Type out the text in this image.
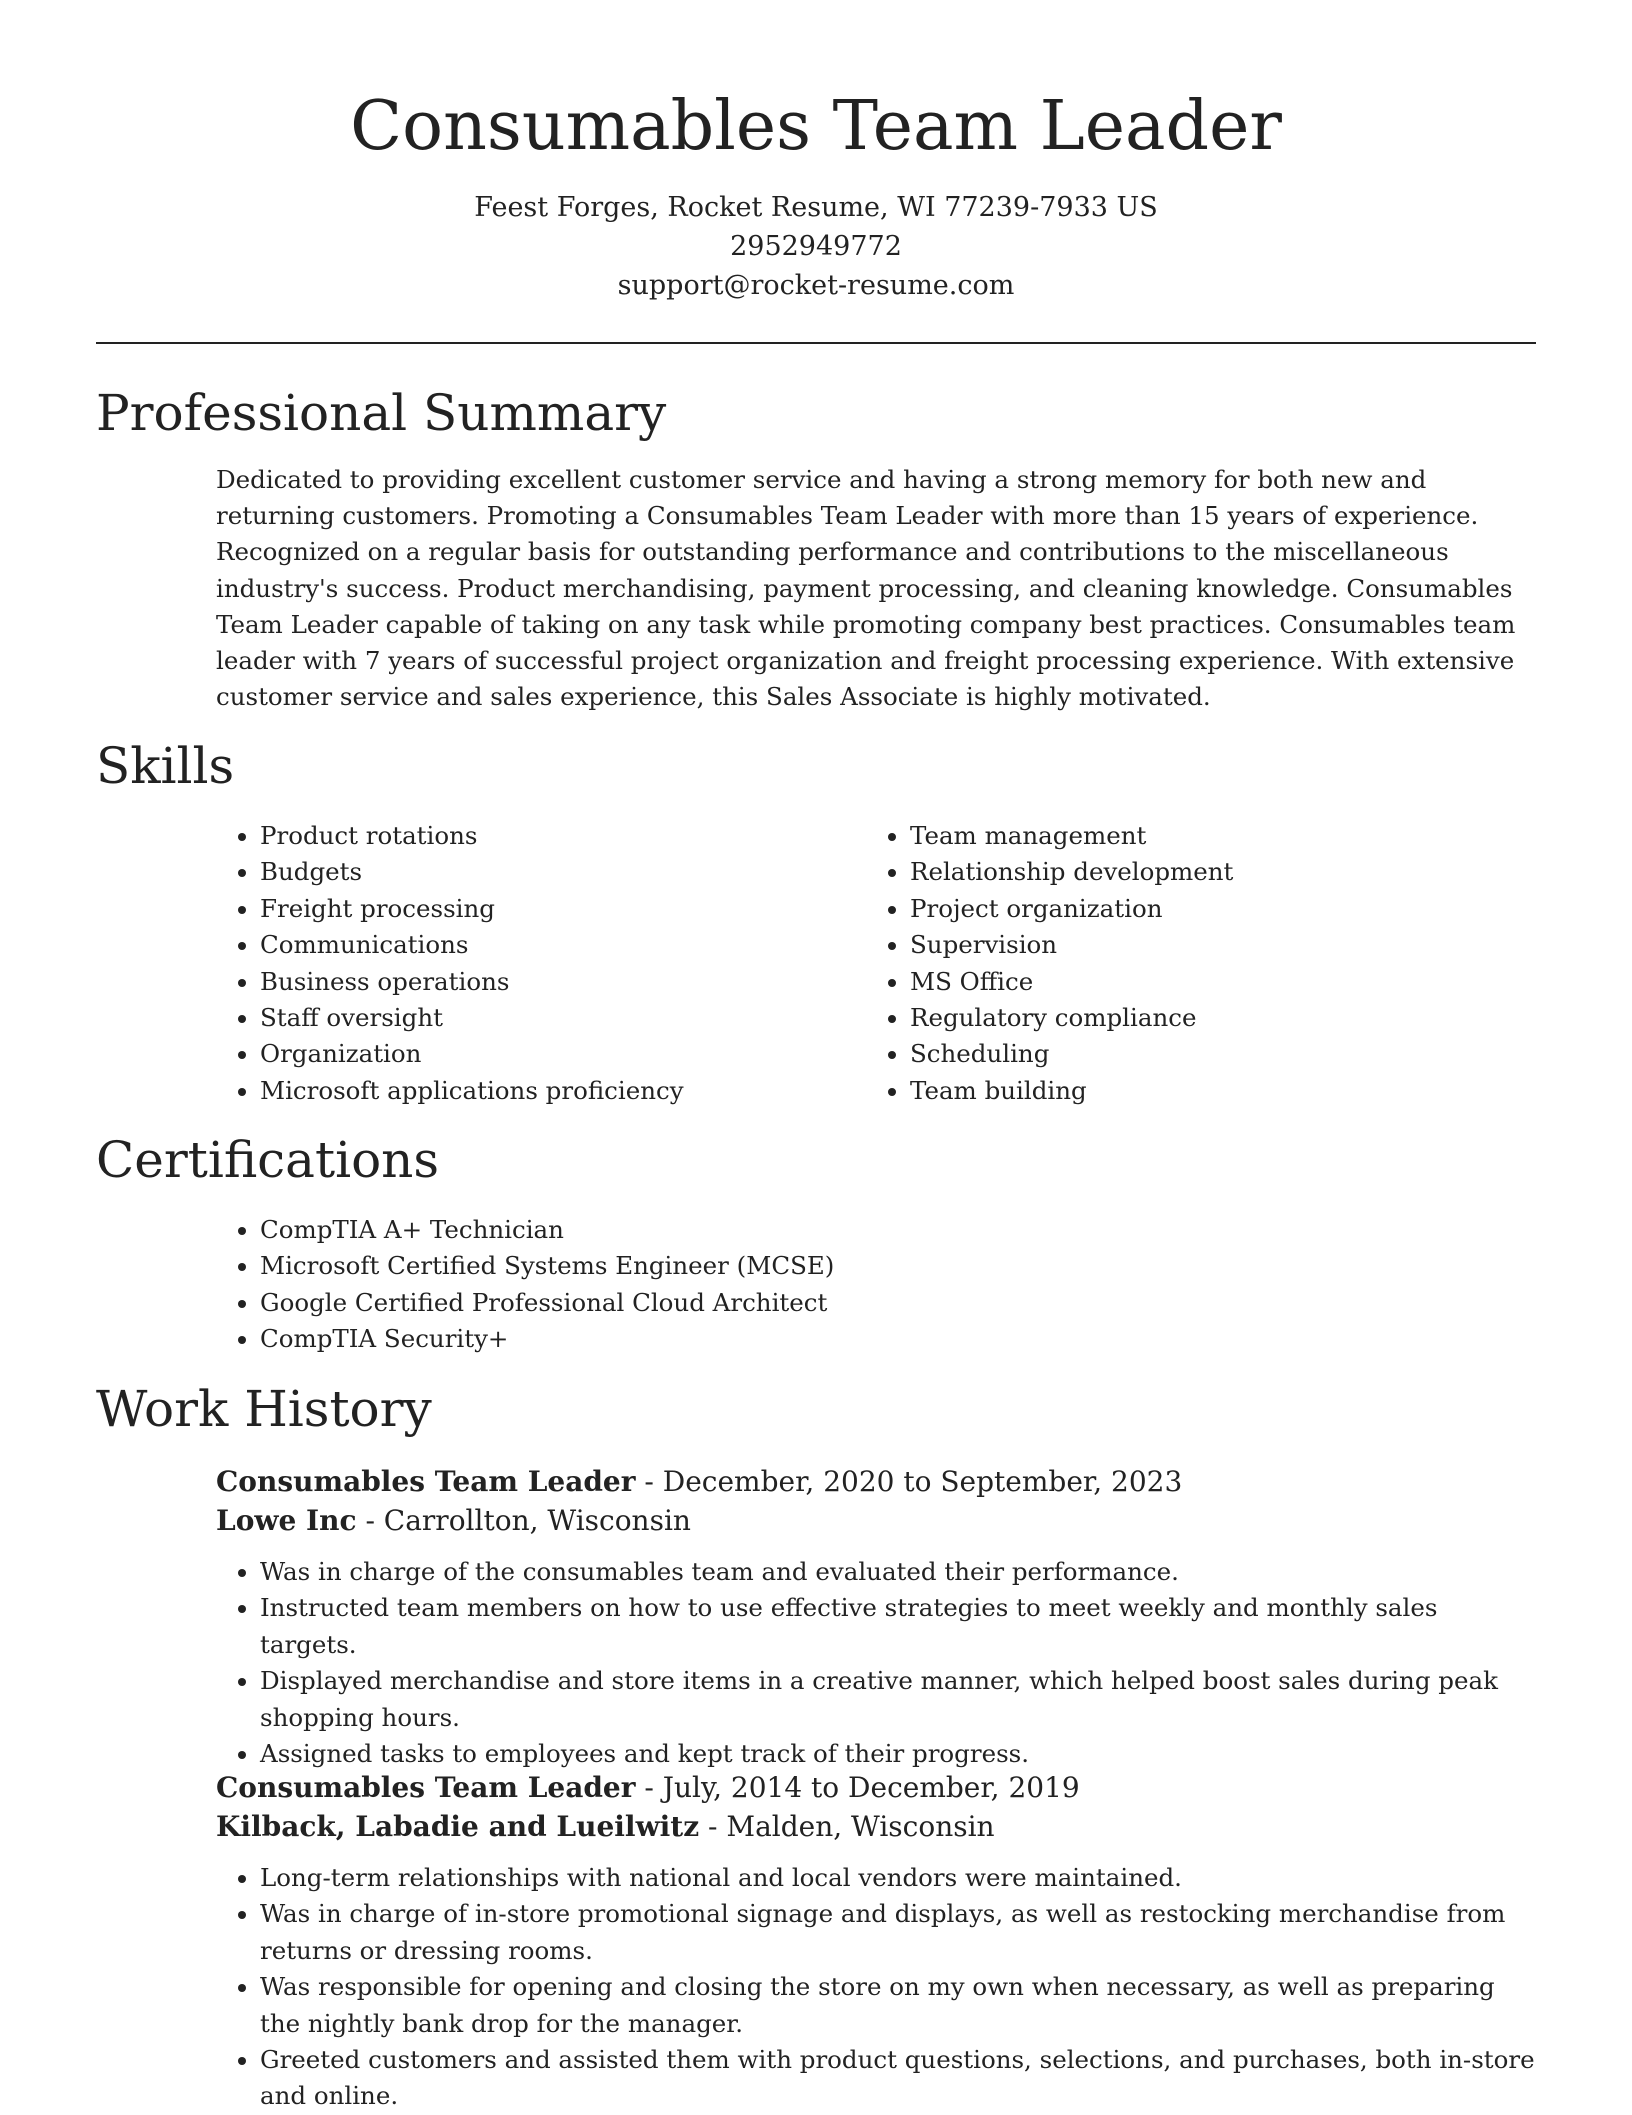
Consumables Team Leader
Feest Forges, Rocket Resume, WI 77239-7933 US
2952949772
support@rocket-resume.com
Professional Summary

Dedicated to providing excellent customer service and having a strong memory for both new and returning customers. Promoting a Consumables Team Leader with more than 15 years of experience. Recognized on a regular basis for outstanding performance and contributions to the miscellaneous industry's success. Product merchandising, payment processing, and cleaning knowledge. Consumables Team Leader capable of taking on any task while promoting company best practices. Consumables team leader with 7 years of successful project organization and freight processing experience. With extensive customer service and sales experience, this Sales Associate is highly motivated.

Skills
• Product rotations
• Budgets
• Freight processing
• Communications
• Business operations
• Staff oversight
• Organization
• Microsoft applications proficiency
• Team management
• Relationship development
• Project organization
• Supervision
• MS Office
• Regulatory compliance
• Scheduling
• Team building
Certifications
• CompTIA A+ Technician
• Microsoft Certified Systems Engineer (MCSE)
• Google Certified Professional Cloud Architect
• CompTIA Security+
Work History
Consumables Team Leader - December, 2020 to September, 2023
Lowe Inc - Carrollton, Wisconsin
• Was in charge of the consumables team and evaluated their performance.
• Instructed team members on how to use effective strategies to meet weekly and monthly sales targets.
• Displayed merchandise and store items in a creative manner, which helped boost sales during peak shopping hours.
• Assigned tasks to employees and kept track of their progress.
Consumables Team Leader - July, 2014 to December, 2019
Kilback, Labadie and Lueilwitz - Malden, Wisconsin
• Long-term relationships with national and local vendors were maintained.
• Was in charge of in-store promotional signage and displays, as well as restocking merchandise from returns or dressing rooms.
• Was responsible for opening and closing the store on my own when necessary, as well as preparing the nightly bank drop for the manager.
• Greeted customers and assisted them with product questions, selections, and purchases, both in-store and online.
